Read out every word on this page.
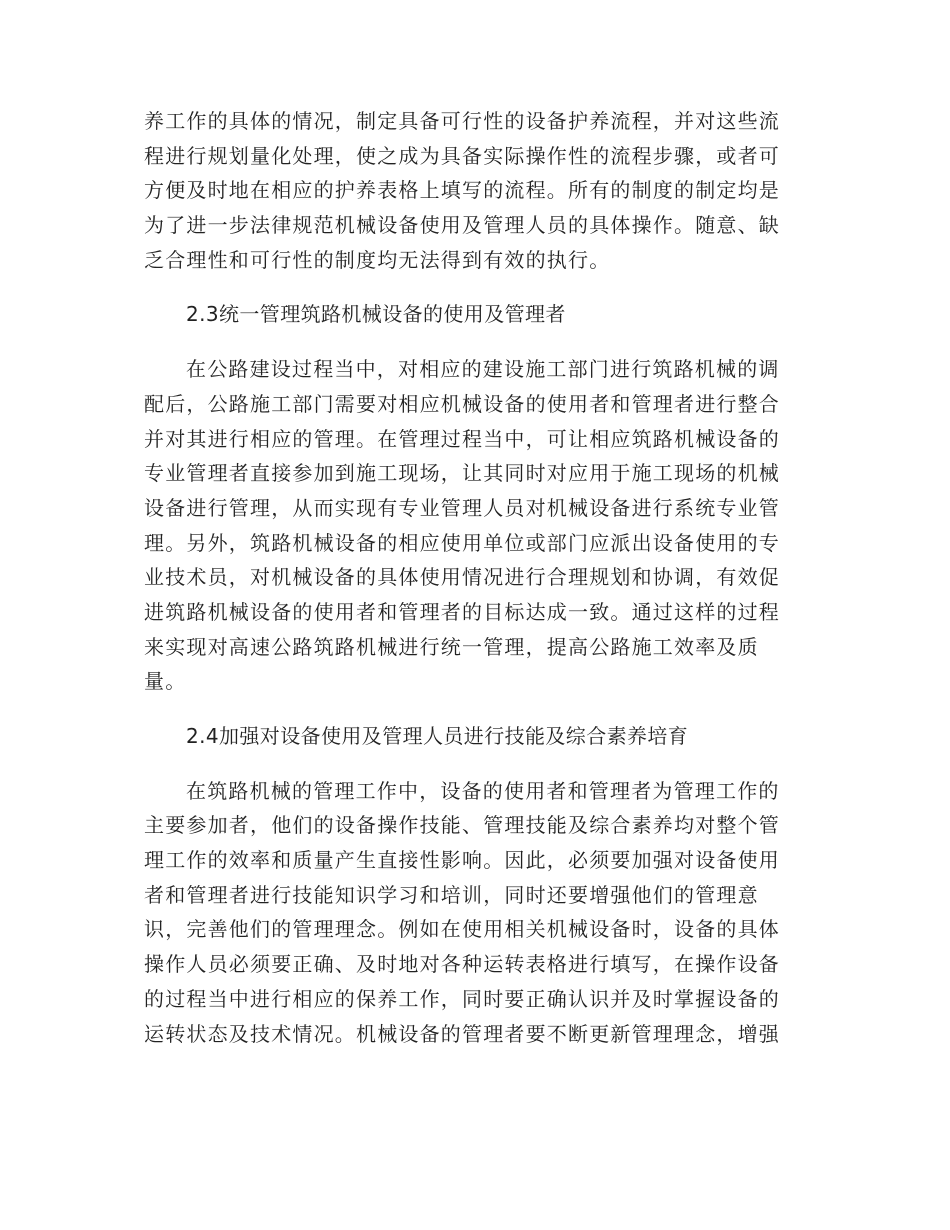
养工作的具体的情况，制定具备可行性的设备护养流程，并对这些流
程进行规划量化处理，使之成为具备实际操作性的流程步骤，或者可
方便及时地在相应的护养表格上填写的流程。所有的制度的制定均是
为了进一步法律规范机械设备使用及管理人员的具体操作。随意、缺
乏合理性和可行性的制度均无法得到有效的执行。
2.3统一管理筑路机械设备的使用及管理者
在公路建设过程当中，对相应的建设施工部门进行筑路机械的调
配后，公路施工部门需要对相应机械设备的使用者和管理者进行整合
并对其进行相应的管理。在管理过程当中，可让相应筑路机械设备的
专业管理者直接参加到施工现场，让其同时对应用于施工现场的机械
设备进行管理，从而实现有专业管理人员对机械设备进行系统专业管
理。另外，筑路机械设备的相应使用单位或部门应派出设备使用的专
业技术员，对机械设备的具体使用情况进行合理规划和协调，有效促
进筑路机械设备的使用者和管理者的目标达成一致。通过这样的过程
来实现对高速公路筑路机械进行统一管理，提高公路施工效率及质
量。
2.4加强对设备使用及管理人员进行技能及综合素养培育
在筑路机械的管理工作中，设备的使用者和管理者为管理工作的
主要参加者，他们的设备操作技能、管理技能及综合素养均对整个管
理工作的效率和质量产生直接性影响。因此，必须要加强对设备使用
者和管理者进行技能知识学习和培训，同时还要增强他们的管理意
识，完善他们的管理理念。例如在使用相关机械设备时，设备的具体
操作人员必须要正确、及时地对各种运转表格进行填写，在操作设备
的过程当中进行相应的保养工作，同时要正确认识并及时掌握设备的
运转状态及技术情况。机械设备的管理者要不断更新管理理念，增强
